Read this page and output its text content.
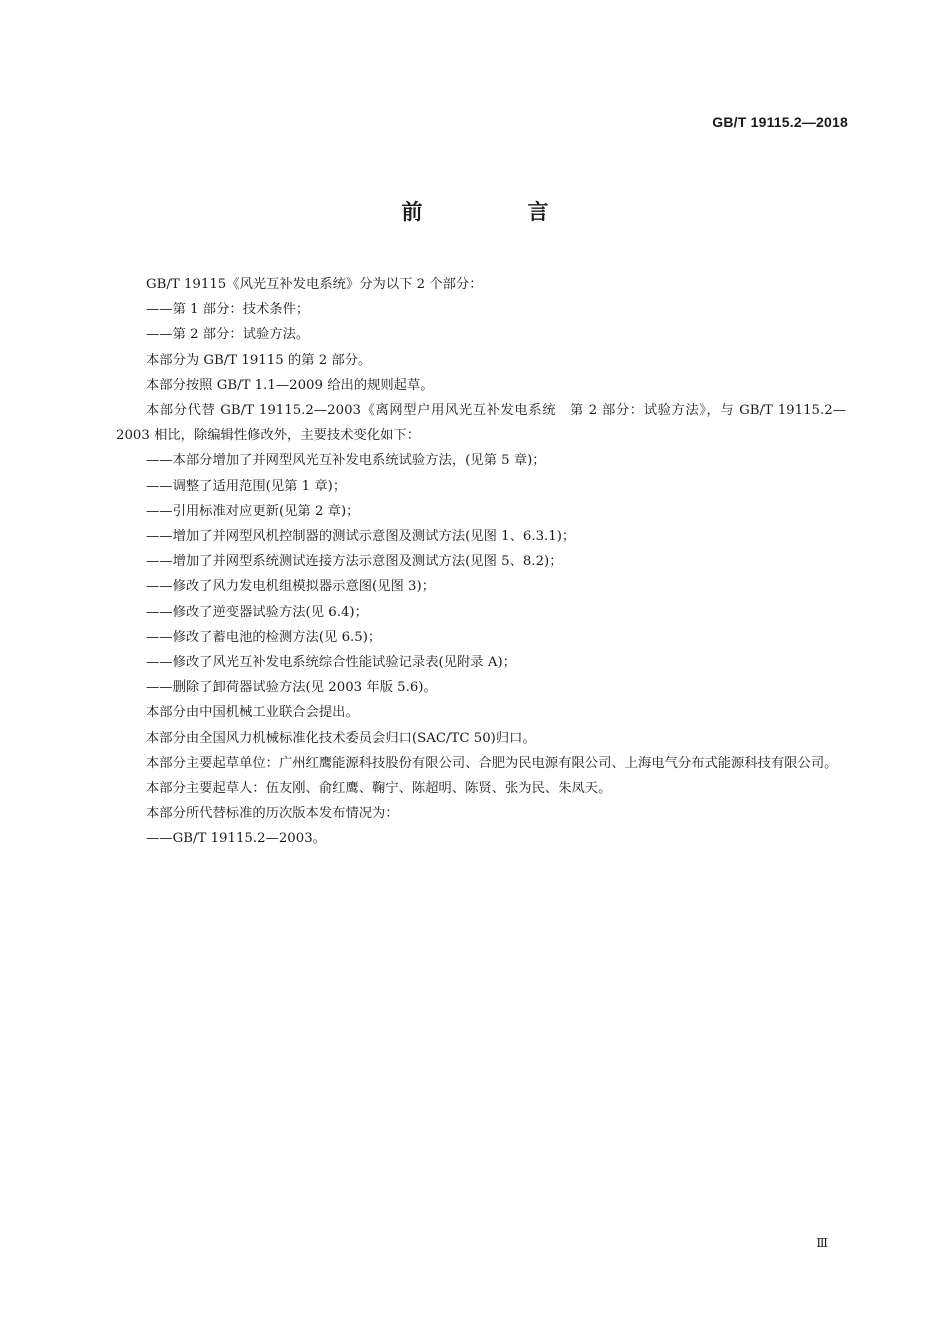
GB/T 19115.2—2018
前　言

GB/T 19115《风光互补发电系统》分为以下 2 个部分：

——第 1 部分：技术条件；

——第 2 部分：试验方法。

本部分为 GB/T 19115 的第 2 部分。

本部分按照 GB/T 1.1—2009 给出的规则起草。

本部分代替 GB/T 19115.2—2003《离网型户用风光互补发电系统　第 2 部分：试验方法》，与 GB/T 19115.2—2003 相比，除编辑性修改外，主要技术变化如下：

——本部分增加了并网型风光互补发电系统试验方法，(见第 5 章)；

——调整了适用范围(见第 1 章)；

——引用标准对应更新(见第 2 章)；

——增加了并网型风机控制器的测试示意图及测试方法(见图 1、6.3.1)；

——增加了并网型系统测试连接方法示意图及测试方法(见图 5、8.2)；

——修改了风力发电机组模拟器示意图(见图 3)；

——修改了逆变器试验方法(见 6.4)；

——修改了蓄电池的检测方法(见 6.5)；

——修改了风光互补发电系统综合性能试验记录表(见附录 A)；

——删除了卸荷器试验方法(见 2003 年版 5.6)。

本部分由中国机械工业联合会提出。

本部分由全国风力机械标准化技术委员会归口(SAC/TC 50)归口。

本部分主要起草单位：广州红鹰能源科技股份有限公司、合肥为民电源有限公司、上海电气分布式能源科技有限公司。

本部分主要起草人：伍友刚、俞红鹰、鞠宁、陈超明、陈贤、张为民、朱凤天。

本部分所代替标准的历次版本发布情况为：

——GB/T 19115.2—2003。

Ⅲ
